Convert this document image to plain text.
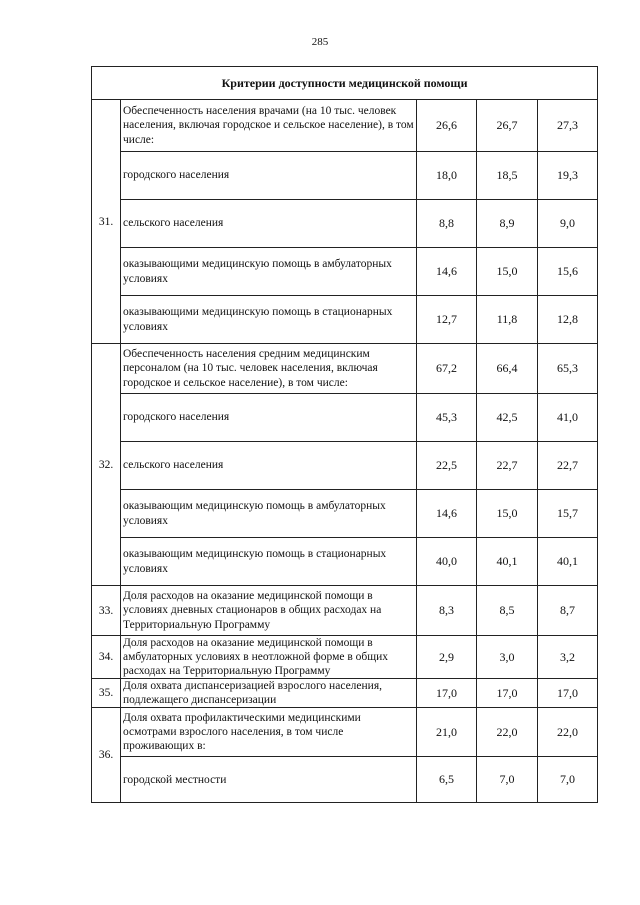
285
Критерии доступности медицинской помощи				
31.	Обеспеченность населения врачами (на 10 тыс. человек населения, включая городское и сельское население), в том числе:	26,6	26,7	27,3
	городского населения	18,0	18,5	19,3
	сельского населения	8,8	8,9	9,0
	оказывающими медицинскую помощь в амбулаторных условиях	14,6	15,0	15,6
	оказывающими медицинскую помощь в стационарных условиях	12,7	11,8	12,8
32.	Обеспеченность населения средним медицинским персоналом (на 10 тыс. человек населения, включая городское и сельское население), в том числе:	67,2	66,4	65,3
	городского населения	45,3	42,5	41,0
	сельского населения	22,5	22,7	22,7
	оказывающим медицинскую помощь в амбулаторных условиях	14,6	15,0	15,7
	оказывающим медицинскую помощь в стационарных условиях	40,0	40,1	40,1
33.	Доля расходов на оказание медицинской помощи в условиях дневных стационаров в общих расходах на Территориальную Программу	8,3	8,5	8,7
34.	Доля расходов на оказание медицинской помощи в амбулаторных условиях в неотложной форме в общих расходах на Территориальную Программу	2,9	3,0	3,2
35.	Доля охвата диспансеризацией взрослого населения, подлежащего диспансеризации	17,0	17,0	17,0
36.	Доля охвата профилактическими медицинскими осмотрами взрослого населения, в том числе проживающих в:	21,0	22,0	22,0
	городской местности	6,5	7,0	7,0
